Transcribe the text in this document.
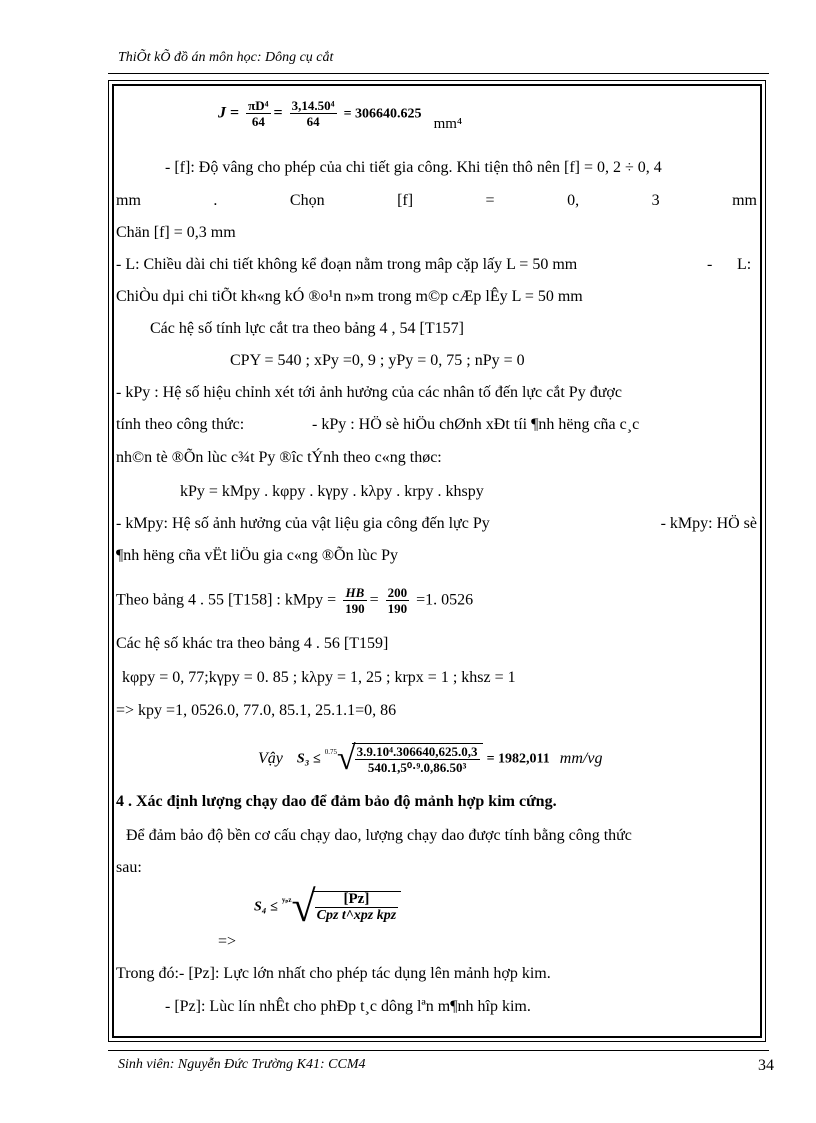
ThiÕt kÕ đồ án môn học: Dông cụ cắt
$J = \frac{\text{πD⁴}}{64} = \frac{\text{3,14.50⁴}}{64} = 306640.625$ mm⁴
- [f]: Độ vâng cho phép của chi tiết gia công. Khi tiện thô nên [f] = 0, 2 ÷ 0, 4
mm	.	Chọn	[f]	=	0,	3	mm
Chän [f] = 0,3 mm
- L: Chiều dài chi tiết không kể đoạn nằm trong mâp cặp lấy L = 50 mm	- L:
ChiÒu dµi chi tiÕt kh«ng kÓ ®o¹n n»m trong m©p cÆp lÊy L = 50 mm
Các hệ số tính lực cắt tra theo bảng 4 , 54 [T157]
CPY = 540 ; xPy =0, 9 ; yPy = 0, 75 ; nPy = 0
- kPy : Hệ số hiệu chỉnh xét tới ảnh hưởng của các nhân tố đến lực cắt Py được
tính theo công thức:	- kPy : HÖ sè hiÖu chØnh xÐt tíi ¶nh hëng cña c¸c
nh©n tè ®Õn lùc c¾t Py ®îc tÝnh theo c«ng thøc:
kPy = kMpy . kφpy . kγpy . kλpy . krpy . khspy
- kMpy: Hệ số ảnh hưởng của vật liệu gia công đến lực Py	- kMpy: HÖ sè
¶nh hëng cña vËt liÖu gia c«ng ®Õn lùc Py
Theo bảng 4 . 55 [T158] : kMpy = $\frac{HB}{190} = \frac{200}{190} =1$. 0526
Các hệ số khác tra theo bảng 4 . 56 [T159]
kφpy = 0, 77;kγpy = 0. 85 ; kλpy = 1, 25 ; krpx = 1 ; khsz = 1
=> kpy =1, 0526.0, 77.0, 85.1, 25.1.1=0, 86
Vậy $S_3 \le ^{0.75}√ \frac{\text{3.9.10⁴.306640,625.0,3}}{\text{540.1,5⁰·⁹.0,86.50³}} = 1982,011$ mm/vg
4 . Xác định lượng chạy dao để đảm bảo độ mảnh hợp kim cứng.
Để đảm bảo độ bền cơ cấu chạy dao, lượng chạy dao được tính bằng công thức
sau:
$S_4 \le ^{y_pz}√ \frac{[Pz]}{\text{Cpz t\textasciicircum{}xpz kpz}}$
=>
Trong đó:- [Pz]: Lực lớn nhất cho phép tác dụng lên mảnh hợp kim.
- [Pz]: Lùc lín nhÊt cho phÐp t¸c dông lªn m¶nh hîp kim.
Sinh viên: Nguyễn Đức Trường K41: CCM4	34
